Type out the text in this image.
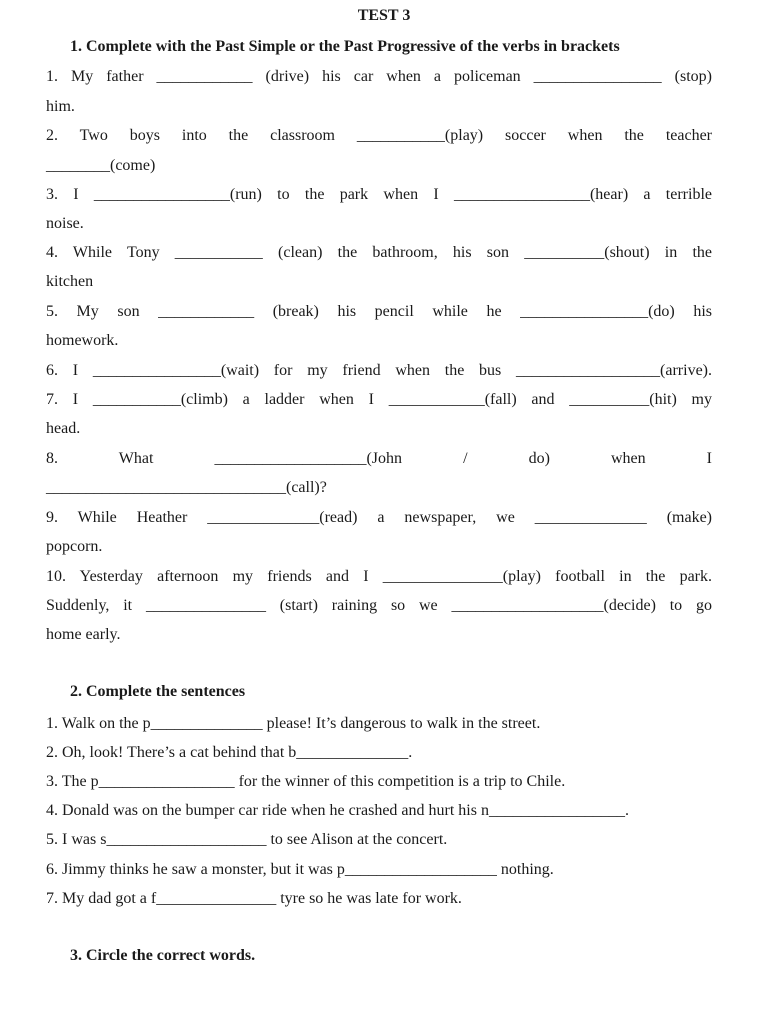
TEST 3
1. Complete with the Past Simple or the Past Progressive of the verbs in brackets
1. My father ____________ (drive) his car when a policeman ________________ (stop)
him.
2. Two boys into the classroom ___________(play) soccer when the teacher
________(come)
3. I _________________(run) to the park when I _________________(hear) a terrible
noise.
4. While Tony ___________ (clean) the bathroom, his son __________(shout) in the
kitchen
5. My son ____________ (break) his pencil while he ________________(do) his
homework.
6. I ________________(wait) for my friend when the bus __________________(arrive).
7. I ___________(climb) a ladder when I ____________(fall) and __________(hit) my
head.
8. What ___________________(John / do) when I
______________________________(call)?
9. While Heather ______________(read) a newspaper, we ______________ (make)
popcorn.
10. Yesterday afternoon my friends and I _______________(play) football in the park.
Suddenly, it _______________ (start) raining so we ___________________(decide) to go
home early.
2. Complete the sentences
1. Walk on the p______________ please! It’s dangerous to walk in the street.
2. Oh, look! There’s a cat behind that b______________.
3. The p_________________ for the winner of this competition is a trip to Chile.
4. Donald was on the bumper car ride when he crashed and hurt his n_________________.
5. I was s____________________ to see Alison at the concert.
6. Jimmy thinks he saw a monster, but it was p___________________ nothing.
7. My dad got a f_______________ tyre so he was late for work.
3. Circle the correct words.
